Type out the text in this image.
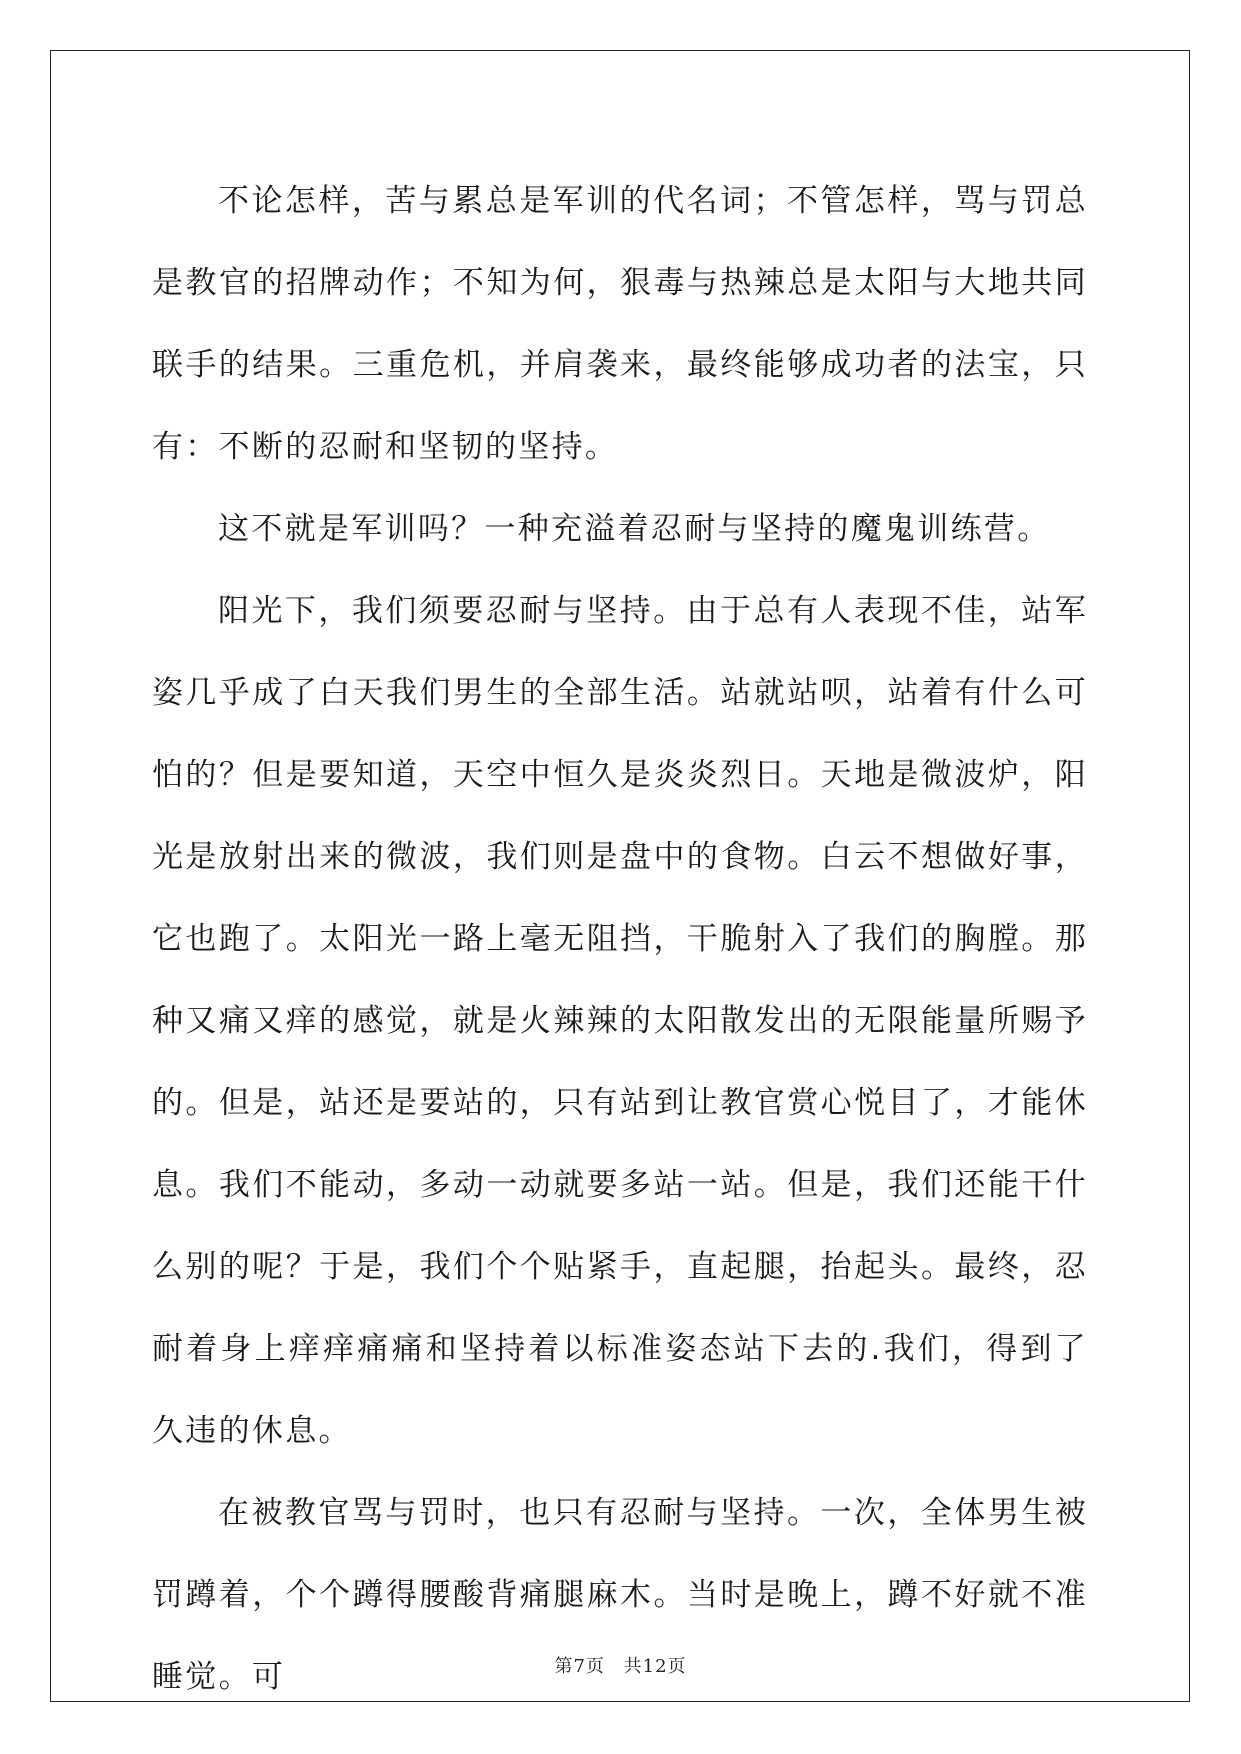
不论怎样，苦与累总是军训的代名词；不管怎样，骂与罚总是教官的招牌动作；不知为何，狠毒与热辣总是太阳与大地共同联手的结果。三重危机，并肩袭来，最终能够成功者的法宝，只有：不断的忍耐和坚韧的坚持。

这不就是军训吗？一种充溢着忍耐与坚持的魔鬼训练营。

阳光下，我们须要忍耐与坚持。由于总有人表现不佳，站军姿几乎成了白天我们男生的全部生活。站就站呗，站着有什么可怕的？但是要知道，天空中恒久是炎炎烈日。天地是微波炉，阳光是放射出来的微波，我们则是盘中的食物。白云不想做好事，它也跑了。太阳光一路上毫无阻挡，干脆射入了我们的胸膛。那种又痛又痒的感觉，就是火辣辣的太阳散发出的无限能量所赐予的。但是，站还是要站的，只有站到让教官赏心悦目了，才能休息。我们不能动，多动一动就要多站一站。但是，我们还能干什么别的呢？于是，我们个个贴紧手，直起腿，抬起头。最终，忍耐着身上痒痒痛痛和坚持着以标准姿态站下去的.我们，得到了久违的休息。

在被教官骂与罚时，也只有忍耐与坚持。一次，全体男生被罚蹲着，个个蹲得腰酸背痛腿麻木。当时是晚上，蹲不好就不准睡觉。可	第7页 共12页
